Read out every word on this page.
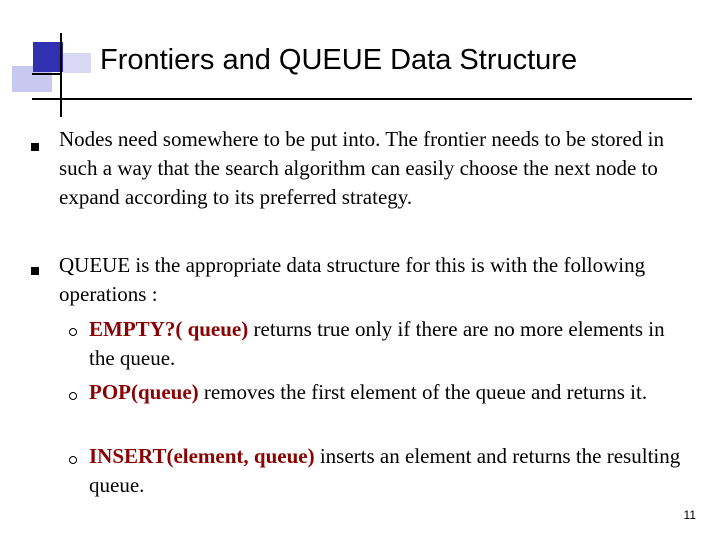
Frontiers and QUEUE Data Structure
Nodes need somewhere to be put into. The frontier needs to be stored in such a way that the search algorithm can easily choose the next node to expand according to its preferred strategy.
QUEUE is the appropriate data structure for this is with the following operations :
EMPTY?( queue) returns true only if there are no more elements in the queue.
POP(queue) removes the first element of the queue and returns it.
INSERT(element, queue) inserts an element and returns the resulting queue.
11
